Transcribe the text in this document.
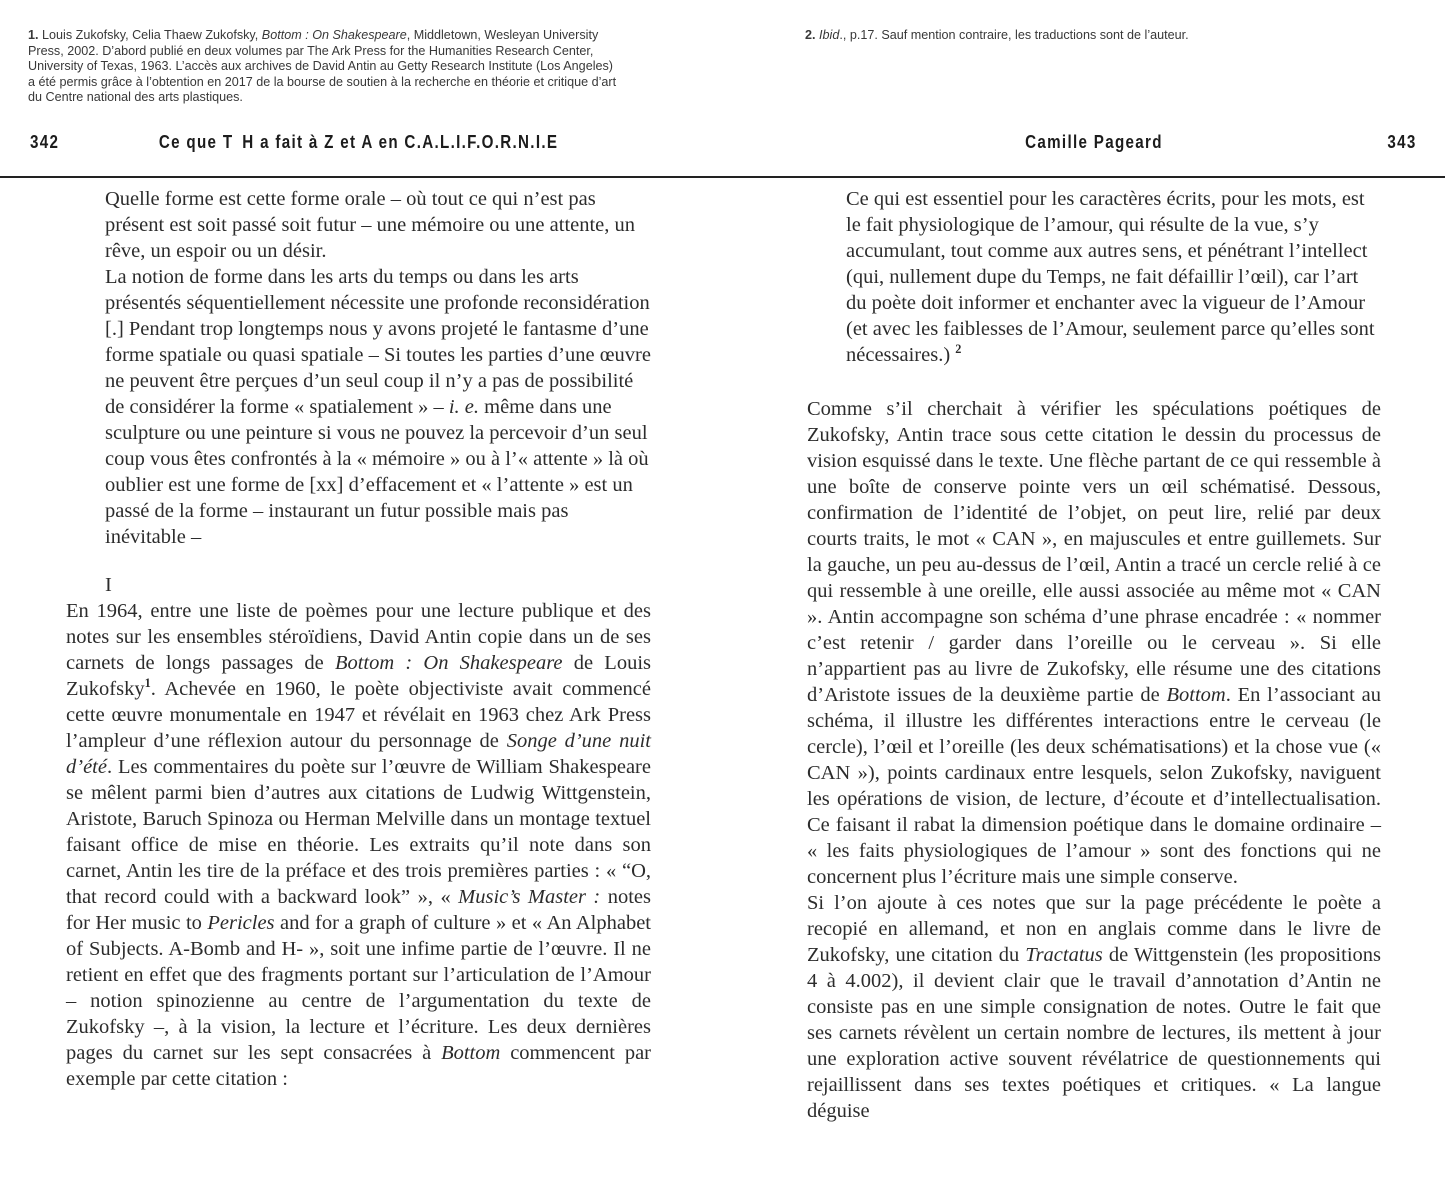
1. Louis Zukofsky, Celia Thaew Zukofsky, Bottom : On Shakespeare, Middletown, Wesleyan University Press, 2002. D’abord publié en deux volumes par The Ark Press for the Humanities Research Center, University of Texas, 1963. L’accès aux archives de David Antin au Getty Research Institute (Los Angeles) a été permis grâce à l’obtention en 2017 de la bourse de soutien à la recherche en théorie et critique d’art du Centre national des arts plastiques.
2. Ibid., p.17. Sauf mention contraire, les traductions sont de l’auteur.
342	Ce que T H a fait à Z et A en C.A.L.I.F.O.R.N.I.E	Camille Pageard	343

Quelle forme est cette forme orale – où tout ce qui n’est pas présent est soit passé soit futur – une mémoire ou une attente, un rêve, un espoir ou un désir.

La notion de forme dans les arts du temps ou dans les arts présentés séquentiellement nécessite une profonde reconsidération [.] Pendant trop longtemps nous y avons projeté le fantasme d’une forme spatiale ou quasi spatiale – Si toutes les parties d’une œuvre ne peuvent être perçues d’un seul coup il n’y a pas de possibilité de considérer la forme « spatialement » – i. e. même dans une sculpture ou une peinture si vous ne pouvez la percevoir d’un seul coup vous êtes confrontés à la « mémoire » ou à l’« attente » là où oublier est une forme de [xx] d’effacement et « l’attente » est un passé de la forme – instaurant un futur possible mais pas inévitable –

I

En 1964, entre une liste de poèmes pour une lecture publique et des notes sur les ensembles stéroïdiens, David Antin copie dans un de ses carnets de longs passages de Bottom : On Shakespeare de Louis Zukofsky$^1$. Achevée en 1960, le poète objectiviste avait commencé cette œuvre monumentale en 1947 et révélait en 1963 chez Ark Press l’ampleur d’une réflexion autour du personnage de Songe d’une nuit d’été. Les commentaires du poète sur l’œuvre de William Shakespeare se mêlent parmi bien d’autres aux citations de Ludwig Wittgenstein, Aristote, Baruch Spinoza ou Herman Melville dans un montage textuel faisant office de mise en théorie. Les extraits qu’il note dans son carnet, Antin les tire de la préface et des trois premières parties : « “O, that record could with a backward look” », « Music’s Master : notes for Her music to Pericles and for a graph of culture » et « An Alphabet of Subjects. A-Bomb and H- », soit une infime partie de l’œuvre. Il ne retient en effet que des fragments portant sur l’articulation de l’Amour – notion spinozienne au centre de l’argumentation du texte de Zukofsky –, à la vision, la lecture et l’écriture. Les deux dernières pages du carnet sur les sept consacrées à Bottom commencent par exemple par cette citation :

Ce qui est essentiel pour les caractères écrits, pour les mots, est le fait physiologique de l’amour, qui résulte de la vue, s’y accumulant, tout comme aux autres sens, et pénétrant l’intellect (qui, nullement dupe du Temps, ne fait défaillir l’œil), car l’art du poète doit informer et enchanter avec la vigueur de l’Amour (et avec les faiblesses de l’Amour, seulement parce qu’elles sont nécessaires.) $^2$

Comme s’il cherchait à vérifier les spéculations poétiques de Zukofsky, Antin trace sous cette citation le dessin du processus de vision esquissé dans le texte. Une flèche partant de ce qui ressemble à une boîte de conserve pointe vers un œil schématisé. Dessous, confirmation de l’identité de l’objet, on peut lire, relié par deux courts traits, le mot « CAN », en majuscules et entre guillemets. Sur la gauche, un peu au-dessus de l’œil, Antin a tracé un cercle relié à ce qui ressemble à une oreille, elle aussi associée au même mot « CAN ». Antin accompagne son schéma d’une phrase encadrée : « nommer c’est retenir / garder dans l’oreille ou le cerveau ». Si elle n’appartient pas au livre de Zukofsky, elle résume une des citations d’Aristote issues de la deuxième partie de Bottom. En l’associant au schéma, il illustre les différentes interactions entre le cerveau (le cercle), l’œil et l’oreille (les deux schématisations) et la chose vue (« CAN »), points cardinaux entre lesquels, selon Zukofsky, naviguent les opérations de vision, de lecture, d’écoute et d’intellectualisation. Ce faisant il rabat la dimension poétique dans le domaine ordinaire – « les faits physiologiques de l’amour » sont des fonctions qui ne concernent plus l’écriture mais une simple conserve.

Si l’on ajoute à ces notes que sur la page précédente le poète a recopié en allemand, et non en anglais comme dans le livre de Zukofsky, une citation du Tractatus de Wittgenstein (les propositions 4 à 4.002), il devient clair que le travail d’annotation d’Antin ne consiste pas en une simple consignation de notes. Outre le fait que ses carnets révèlent un certain nombre de lectures, ils mettent à jour une exploration active souvent révélatrice de questionnements qui rejaillissent dans ses textes poétiques et critiques. « La langue déguise
